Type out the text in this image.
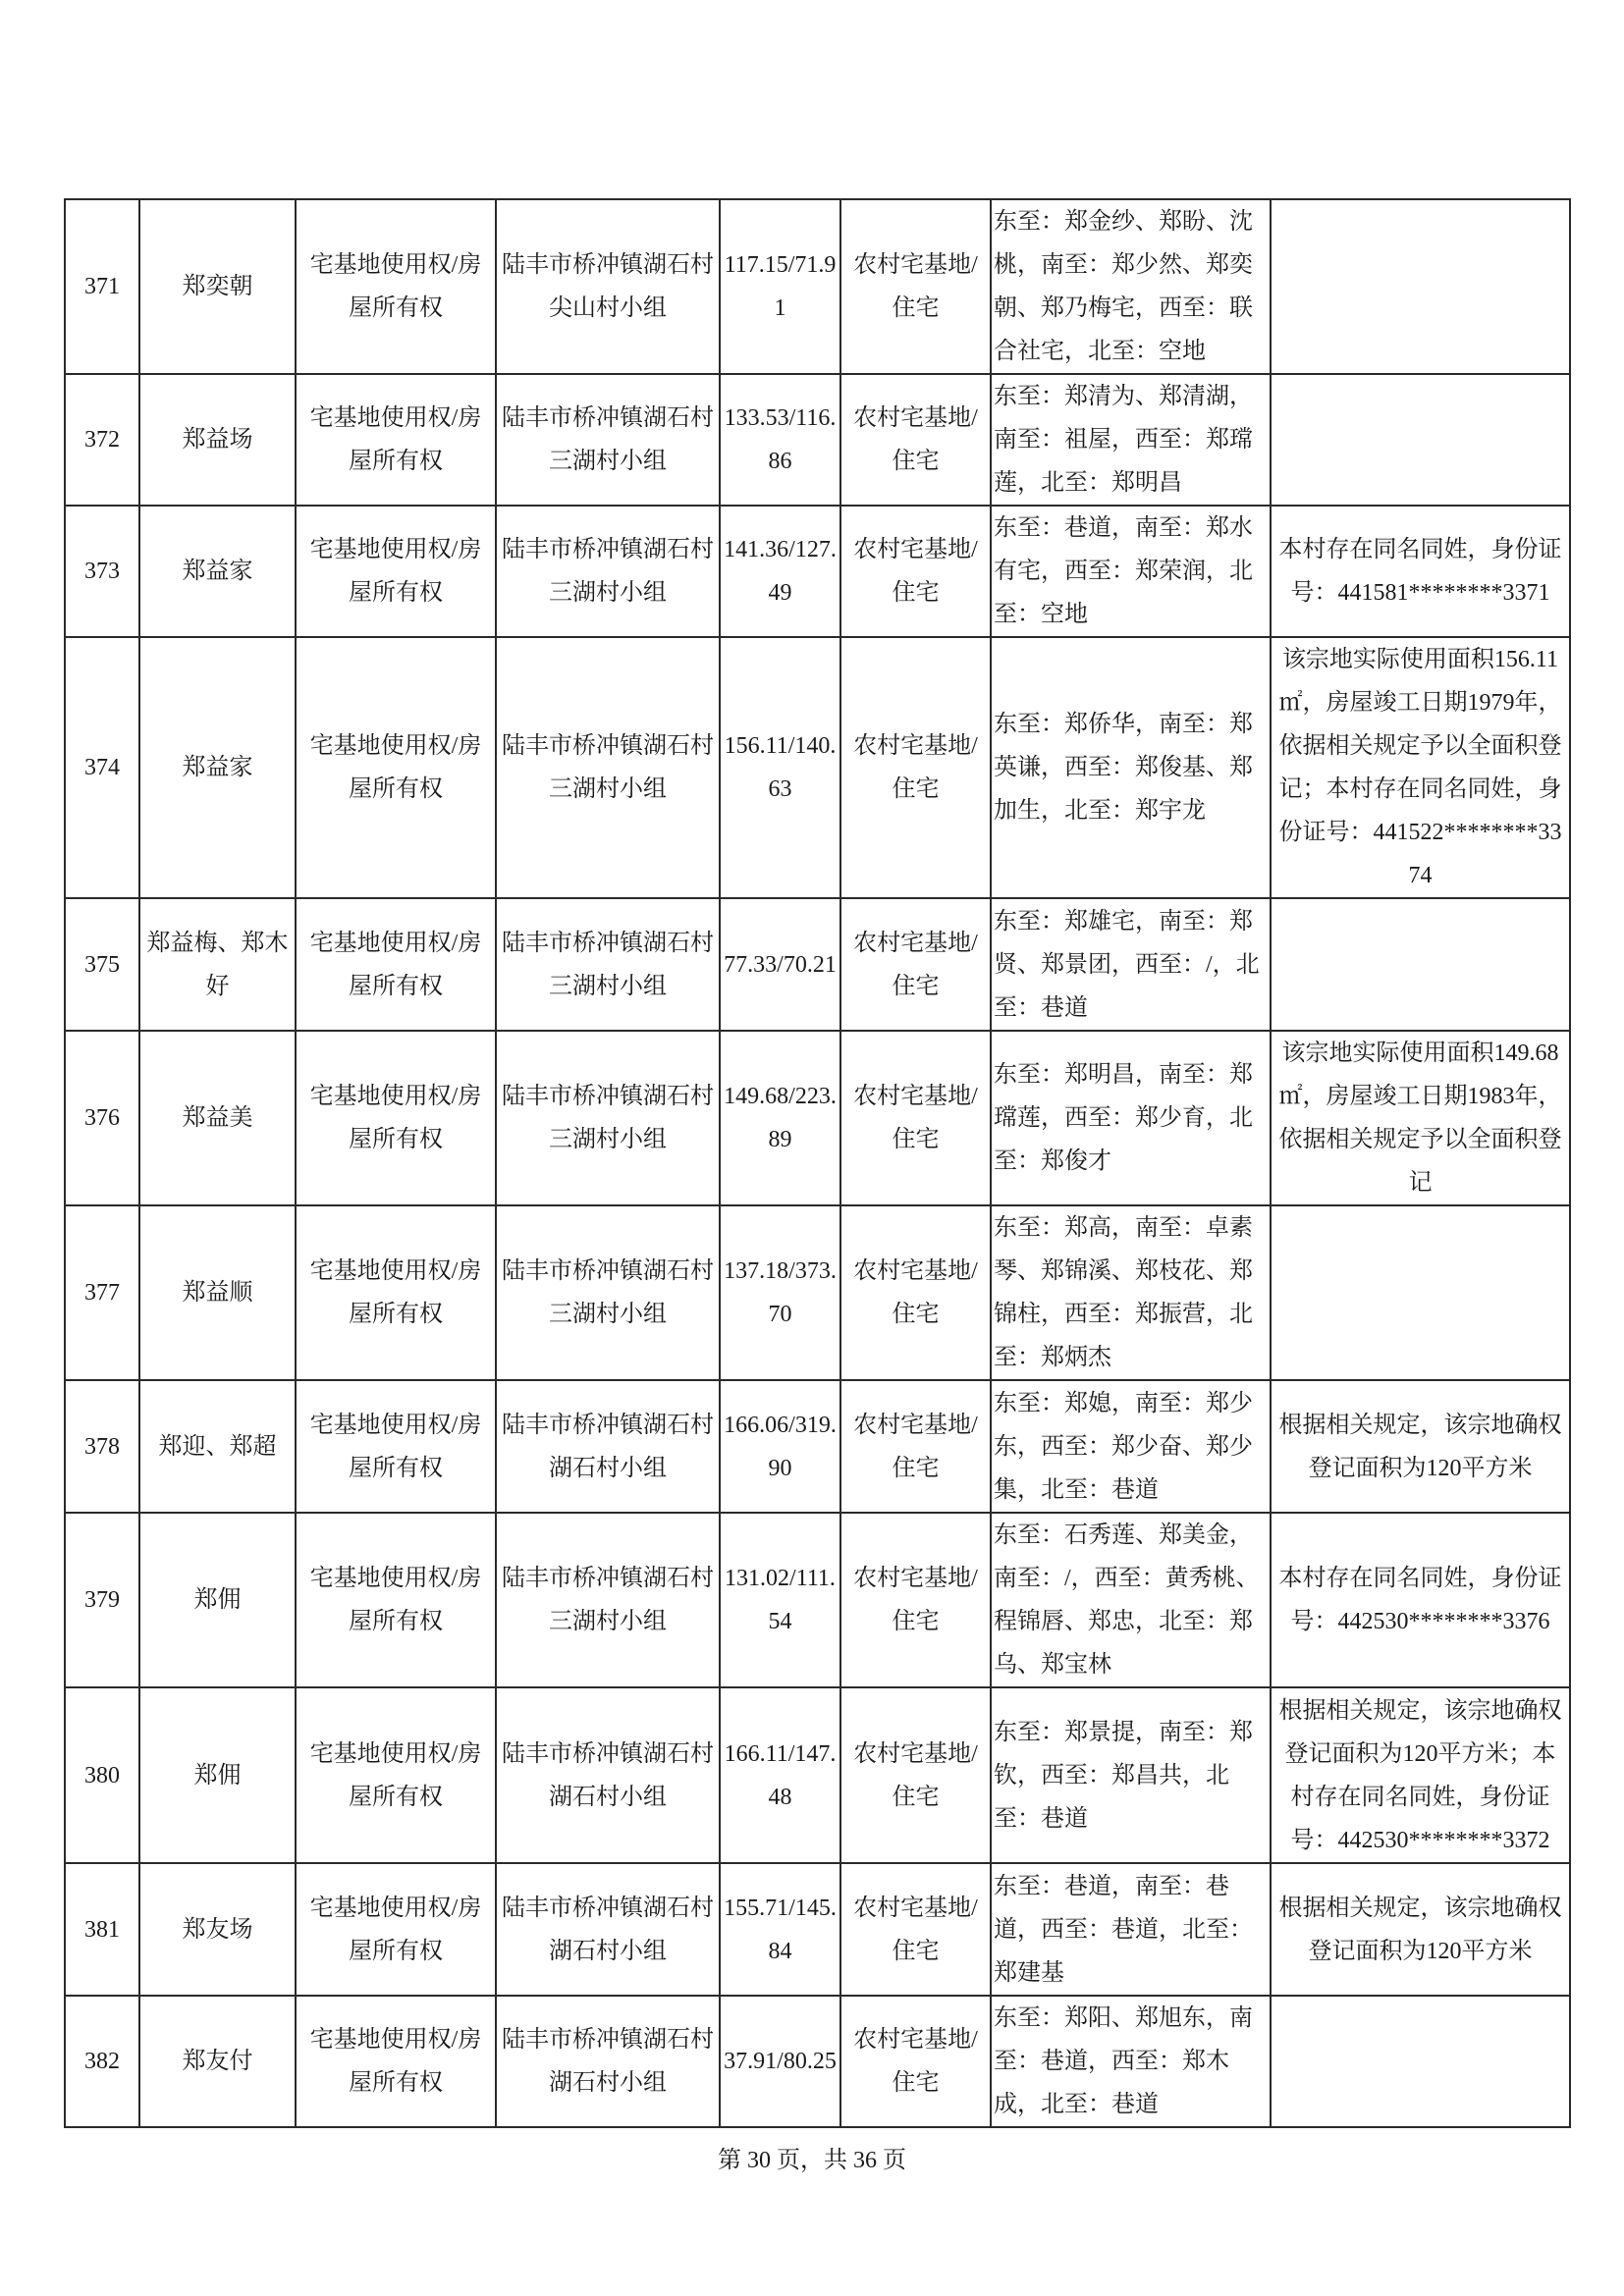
371	郑奕朝	宅基地使用权/房屋所有权	陆丰市桥冲镇湖石村尖山村小组	117.15/71.91	农村宅基地/住宅	东至：郑金纱、郑盼、沈桃，南至：郑少然、郑奕朝、郑乃梅宅，西至：联合社宅，北至：空地	
372	郑益场	宅基地使用权/房屋所有权	陆丰市桥冲镇湖石村三湖村小组	133.53/116.86	农村宅基地/住宅	东至：郑清为、郑清湖，南至：祖屋，西至：郑瑺莲，北至：郑明昌	
373	郑益家	宅基地使用权/房屋所有权	陆丰市桥冲镇湖石村三湖村小组	141.36/127.49	农村宅基地/住宅	东至：巷道，南至：郑水有宅，西至：郑荣润，北至：空地	本村存在同名同姓，身份证号：441581********3371
374	郑益家	宅基地使用权/房屋所有权	陆丰市桥冲镇湖石村三湖村小组	156.11/140.63	农村宅基地/住宅	东至：郑侨华，南至：郑英谦，西至：郑俊基、郑加生，北至：郑宇龙	该宗地实际使用面积156.11㎡，房屋竣工日期1979年，依据相关规定予以全面积登记；本村存在同名同姓，身份证号：441522********3374
375	郑益梅、郑木好	宅基地使用权/房屋所有权	陆丰市桥冲镇湖石村三湖村小组	77.33/70.21	农村宅基地/住宅	东至：郑雄宅，南至：郑贤、郑景团，西至：/，北至：巷道	
376	郑益美	宅基地使用权/房屋所有权	陆丰市桥冲镇湖石村三湖村小组	149.68/223.89	农村宅基地/住宅	东至：郑明昌，南至：郑瑺莲，西至：郑少育，北至：郑俊才	该宗地实际使用面积149.68㎡，房屋竣工日期1983年，依据相关规定予以全面积登记
377	郑益顺	宅基地使用权/房屋所有权	陆丰市桥冲镇湖石村三湖村小组	137.18/373.70	农村宅基地/住宅	东至：郑高，南至：卓素琴、郑锦溪、郑枝花、郑锦柱，西至：郑振营，北至：郑炳杰	
378	郑迎、郑超	宅基地使用权/房屋所有权	陆丰市桥冲镇湖石村湖石村小组	166.06/319.90	农村宅基地/住宅	东至：郑媳，南至：郑少东，西至：郑少奋、郑少集，北至：巷道	根据相关规定，该宗地确权登记面积为120平方米
379	郑佣	宅基地使用权/房屋所有权	陆丰市桥冲镇湖石村三湖村小组	131.02/111.54	农村宅基地/住宅	东至：石秀莲、郑美金，南至：/，西至：黄秀桃、程锦唇、郑忠，北至：郑乌、郑宝林	本村存在同名同姓，身份证号：442530********3376
380	郑佣	宅基地使用权/房屋所有权	陆丰市桥冲镇湖石村湖石村小组	166.11/147.48	农村宅基地/住宅	东至：郑景提，南至：郑钦，西至：郑昌共，北至：巷道	根据相关规定，该宗地确权登记面积为120平方米；本村存在同名同姓，身份证号：442530********3372
381	郑友场	宅基地使用权/房屋所有权	陆丰市桥冲镇湖石村湖石村小组	155.71/145.84	农村宅基地/住宅	东至：巷道，南至：巷道，西至：巷道，北至：郑建基	根据相关规定，该宗地确权登记面积为120平方米
382	郑友付	宅基地使用权/房屋所有权	陆丰市桥冲镇湖石村湖石村小组	37.91/80.25	农村宅基地/住宅	东至：郑阳、郑旭东，南至：巷道，西至：郑木成，北至：巷道	
第 30 页，共 36 页
